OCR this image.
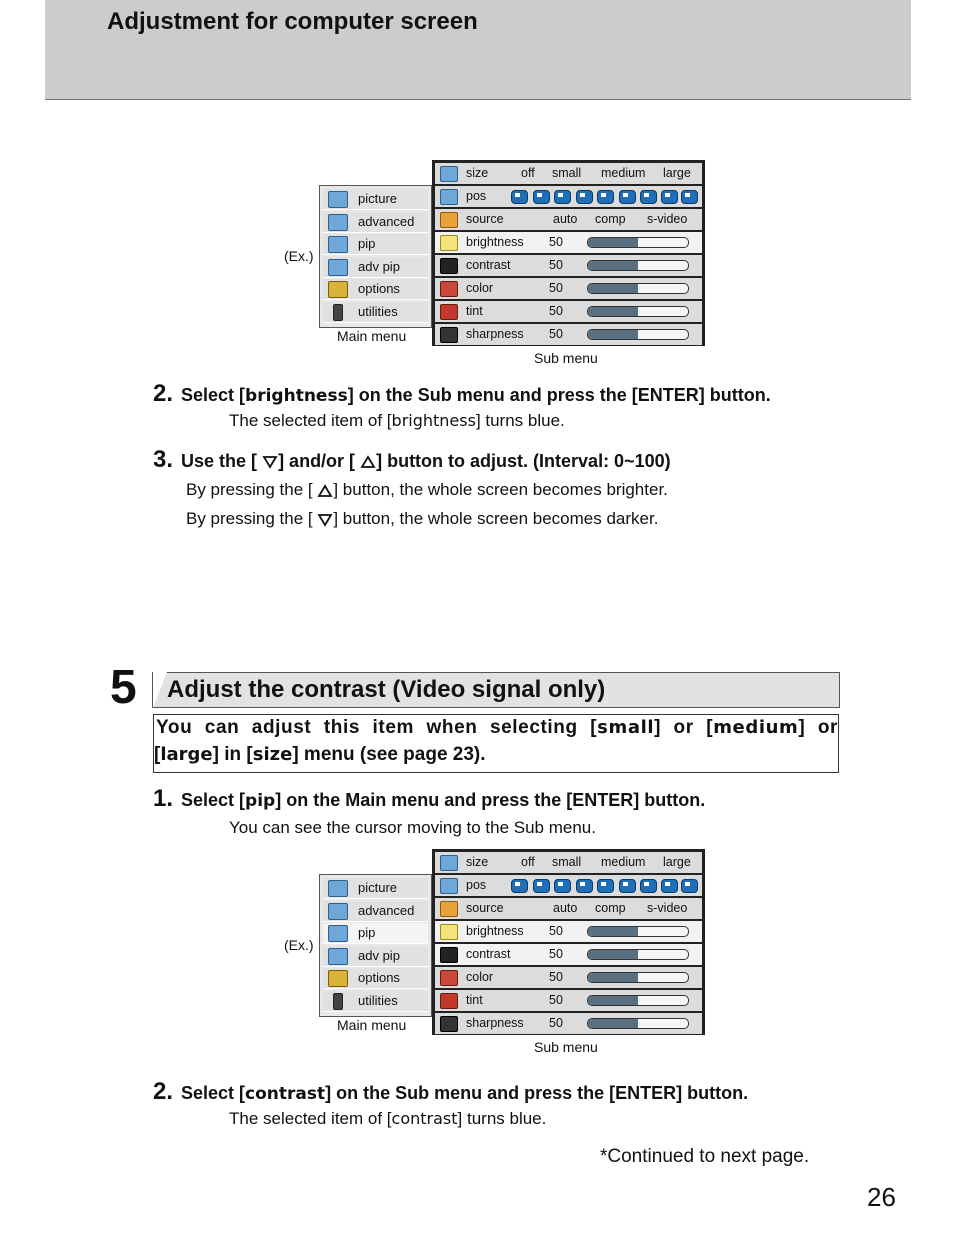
Adjustment for computer screen
(Ex.)
picture
advanced
pip
adv pip
options
utilities
Main menu
size	off small medium large
pos
source	auto comp s-video
brightness 50
contrast	50
color	50
tint	50
sharpness 50
Sub menu
2. Select [brightness] on the Sub menu and press the [ENTER] button.
The selected item of [brightness] turns blue.
3. Use the [ ] and/or [ ] button to adjust. (Interval: 0~100)
By pressing the [ ] button, the whole screen becomes brighter.
By pressing the [ ] button, the whole screen becomes darker.
5 Adjust the contrast (Video signal only)
You can adjust this item when selecting [small] or [medium] or
[large] in [size] menu (see page 23).
1. Select [pip] on the Main menu and press the [ENTER] button.
You can see the cursor moving to the Sub menu.
(Ex.)
picture
advanced
pip
adv pip
options
utilities
Main menu
size	off small medium large
pos
source	auto comp s-video
brightness 50
contrast	50
color	50
tint	50
sharpness 50
Sub menu
2. Select [contrast] on the Sub menu and press the [ENTER] button.
The selected item of [contrast] turns blue.
*Continued to next page.
26
